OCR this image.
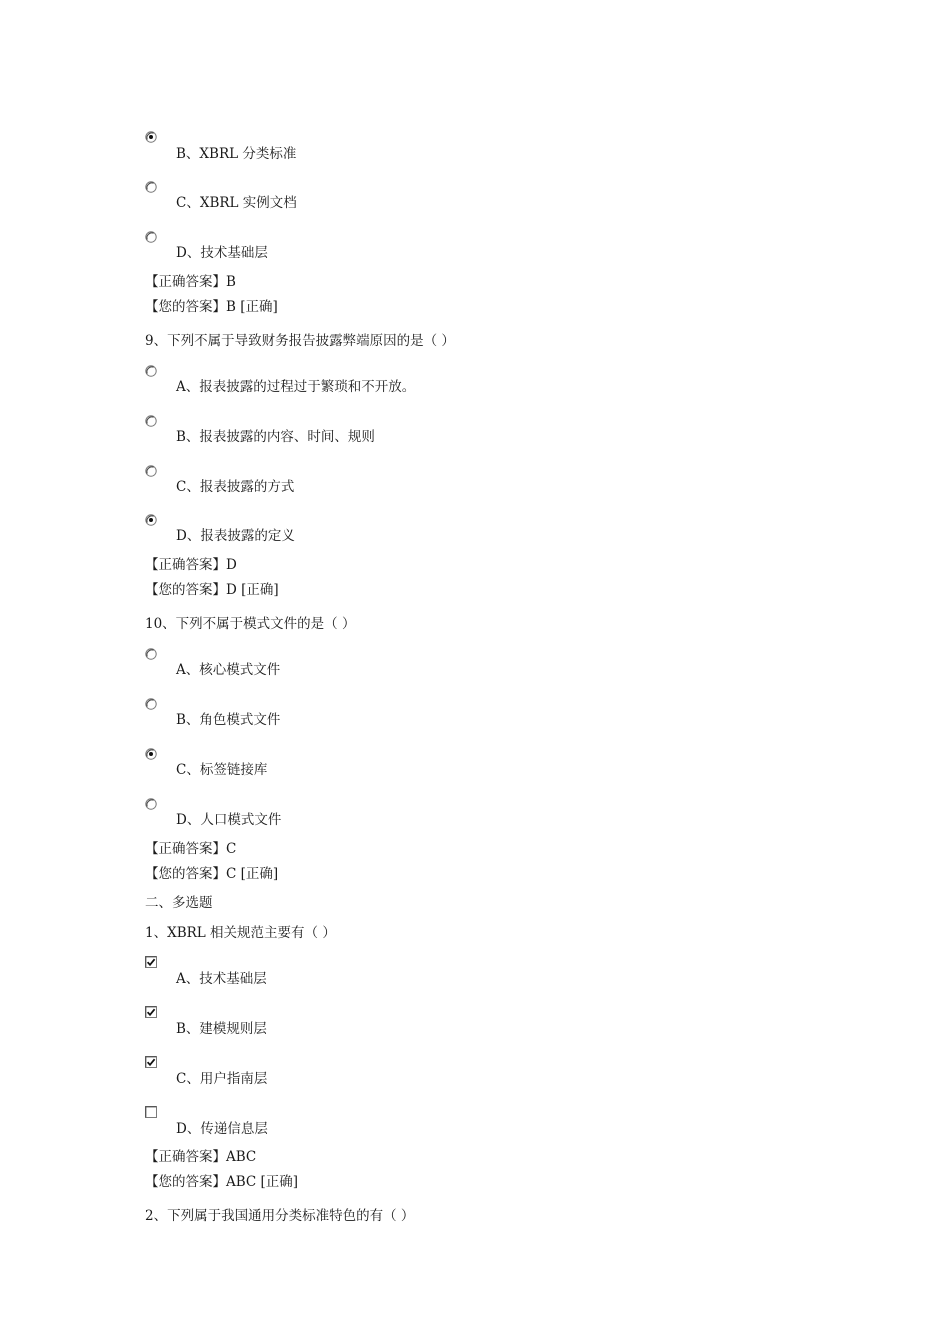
B、XBRL 分类标准
C、XBRL 实例文档
D、技术基础层
【正确答案】B
【您的答案】B [正确]
9、下列不属于导致财务报告披露弊端原因的是（ ）
A、报表披露的过程过于繁琐和不开放。
B、报表披露的内容、时间、规则
C、报表披露的方式
D、报表披露的定义
【正确答案】D
【您的答案】D [正确]
10、下列不属于模式文件的是（ ）
A、核心模式文件
B、角色模式文件
C、标签链接库
D、人口模式文件
【正确答案】C
【您的答案】C [正确]
二、多选题
1、XBRL 相关规范主要有（ ）
A、技术基础层
B、建模规则层
C、用户指南层
D、传递信息层
【正确答案】ABC
【您的答案】ABC [正确]
2、下列属于我国通用分类标准特色的有（ ）
